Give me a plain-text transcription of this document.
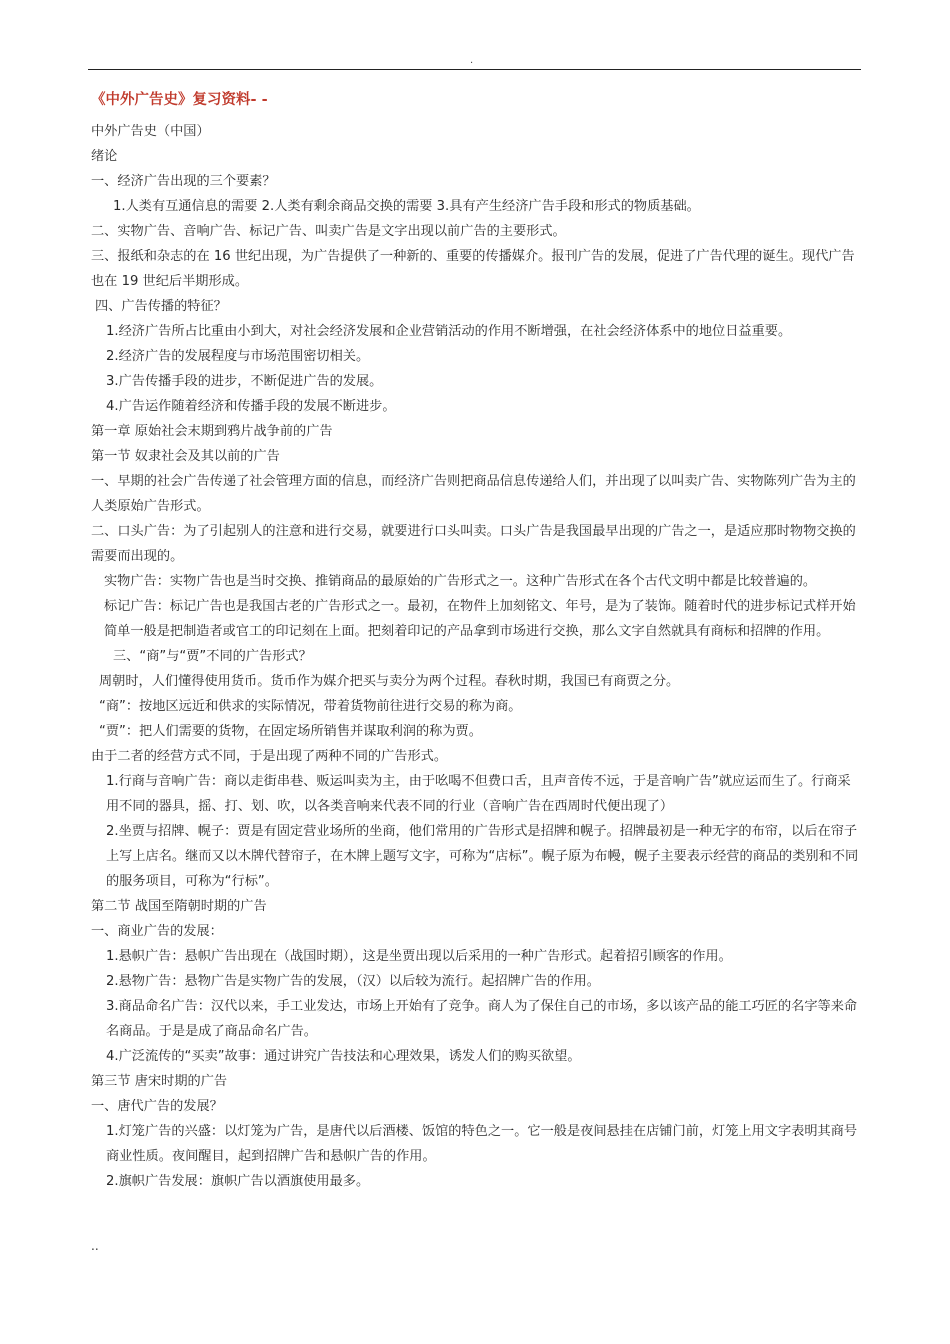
.
《中外广告史》复习资料- -

中外广告史（中国）

绪论

一、经济广告出现的三个要素？

1.人类有互通信息的需要 2.人类有剩余商品交换的需要 3.具有产生经济广告手段和形式的物质基础。

二、实物广告、音响广告、标记广告、叫卖广告是文字出现以前广告的主要形式。

三、报纸和杂志的在 16 世纪出现，为广告提供了一种新的、重要的传播媒介。报刊广告的发展，促进了广告代理的诞生。现代广告也在 19 世纪后半期形成。

四、广告传播的特征？

1.经济广告所占比重由小到大，对社会经济发展和企业营销活动的作用不断增强，在社会经济体系中的地位日益重要。

2.经济广告的发展程度与市场范围密切相关。

3.广告传播手段的进步，不断促进广告的发展。

4.广告运作随着经济和传播手段的发展不断进步。

第一章 原始社会末期到鸦片战争前的广告

第一节 奴隶社会及其以前的广告

一、早期的社会广告传递了社会管理方面的信息，而经济广告则把商品信息传递给人们，并出现了以叫卖广告、实物陈列广告为主的人类原始广告形式。

二、口头广告：为了引起别人的注意和进行交易，就要进行口头叫卖。口头广告是我国最早出现的广告之一，是适应那时物物交换的需要而出现的。

实物广告：实物广告也是当时交换、推销商品的最原始的广告形式之一。这种广告形式在各个古代文明中都是比较普遍的。

标记广告：标记广告也是我国古老的广告形式之一。最初，在物件上加刻铭文、年号，是为了装饰。随着时代的进步标记式样开始简单一般是把制造者或官工的印记刻在上面。把刻着印记的产品拿到市场进行交换，那么文字自然就具有商标和招牌的作用。

三、“商”与“贾”不同的广告形式？

周朝时，人们懂得使用货币。货币作为媒介把买与卖分为两个过程。春秋时期，我国已有商贾之分。

“商”：按地区远近和供求的实际情况，带着货物前往进行交易的称为商。

“贾”：把人们需要的货物，在固定场所销售并谋取利润的称为贾。

由于二者的经营方式不同，于是出现了两种不同的广告形式。

1.行商与音响广告：商以走街串巷、贩运叫卖为主，由于吆喝不但费口舌，且声音传不远，于是音响广告”就应运而生了。行商采用不同的器具，摇、打、划、吹，以各类音响来代表不同的行业（音响广告在西周时代便出现了）

2.坐贾与招牌、幌子：贾是有固定营业场所的坐商，他们常用的广告形式是招牌和幌子。招牌最初是一种无字的布帘，以后在帘子上写上店名。继而又以木牌代替帘子，在木牌上题写文字，可称为“店标”。幌子原为布幔，幌子主要表示经营的商品的类别和不同的服务项目，可称为“行标”。

第二节 战国至隋朝时期的广告

一、商业广告的发展：

1.悬帜广告：悬帜广告出现在（战国时期），这是坐贾出现以后采用的一种广告形式。起着招引顾客的作用。

2.悬物广告：悬物广告是实物广告的发展，（汉）以后较为流行。起招牌广告的作用。

3.商品命名广告：汉代以来，手工业发达，市场上开始有了竞争。商人为了保住自己的市场，多以该产品的能工巧匠的名字等来命名商品。于是是成了商品命名广告。

4.广泛流传的“买卖”故事：通过讲究广告技法和心理效果，诱发人们的购买欲望。

第三节 唐宋时期的广告

一、唐代广告的发展？

1.灯笼广告的兴盛：以灯笼为广告，是唐代以后酒楼、饭馆的特色之一。它一般是夜间悬挂在店铺门前，灯笼上用文字表明其商号商业性质。夜间醒目，起到招牌广告和悬帜广告的作用。

2.旗帜广告发展：旗帜广告以酒旗使用最多。

..
